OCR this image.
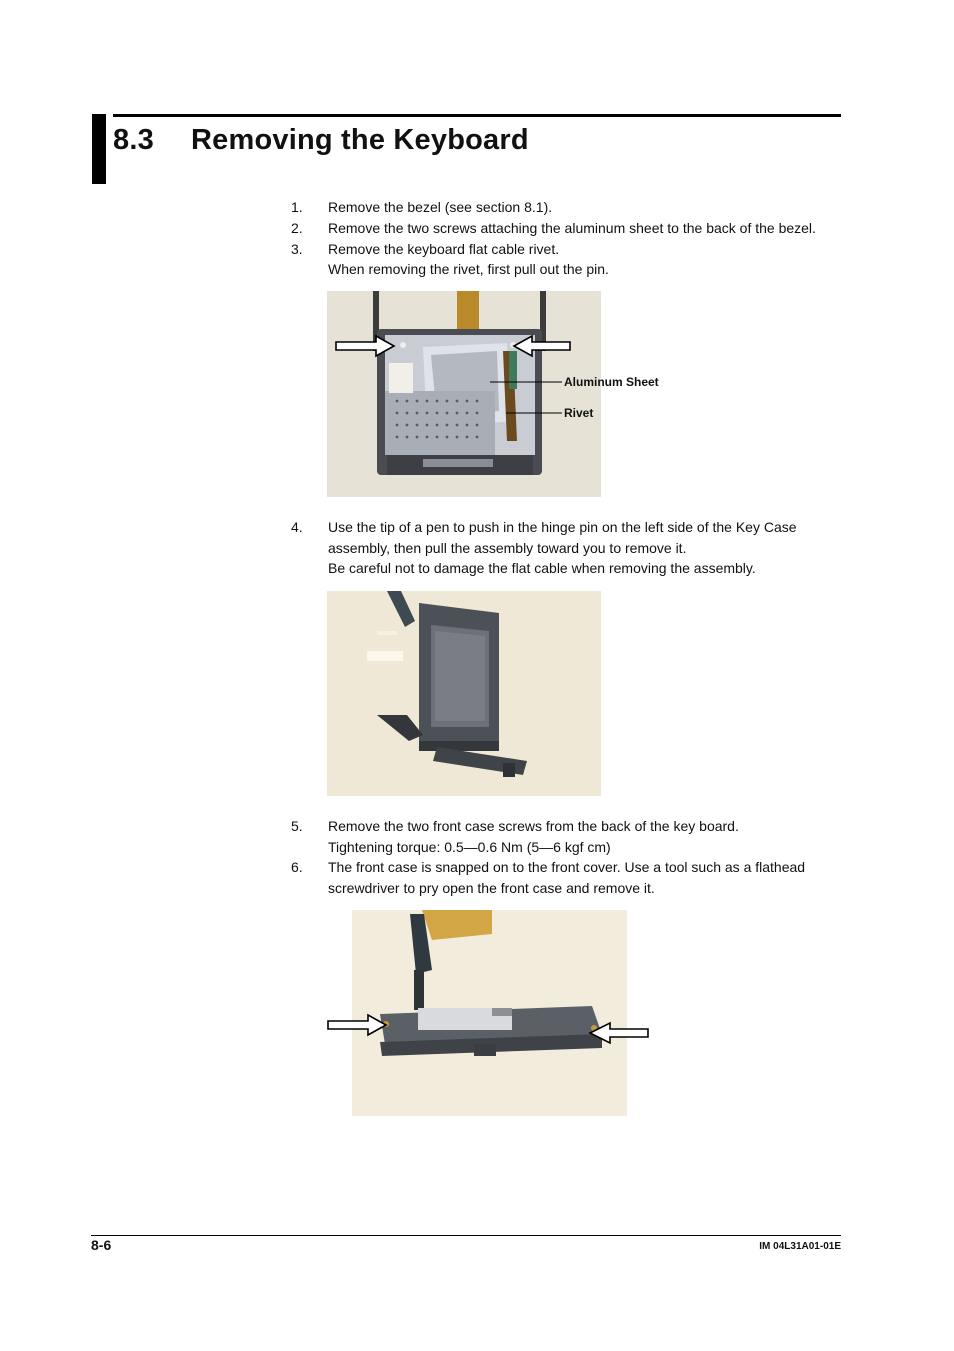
8.3 Removing the Keyboard
1.	Remove the bezel (see section 8.1).
2.	Remove the two screws attaching the aluminum sheet to the back of the bezel.
3.	Remove the keyboard flat cable rivet.
When removing the rivet, first pull out the pin.
Aluminum Sheet
Rivet
4.	Use the tip of a pen to push in the hinge pin on the left side of the Key Case
assembly, then pull the assembly toward you to remove it.
Be careful not to damage the flat cable when removing the assembly.
5.	Remove the two front case screws from the back of the key board.
Tightening torque: 0.5—0.6 Nm (5—6 kgf cm)
6.	The front case is snapped on to the front cover. Use a tool such as a flathead
screwdriver to pry open the front case and remove it.
8-6	IM 04L31A01-01E
